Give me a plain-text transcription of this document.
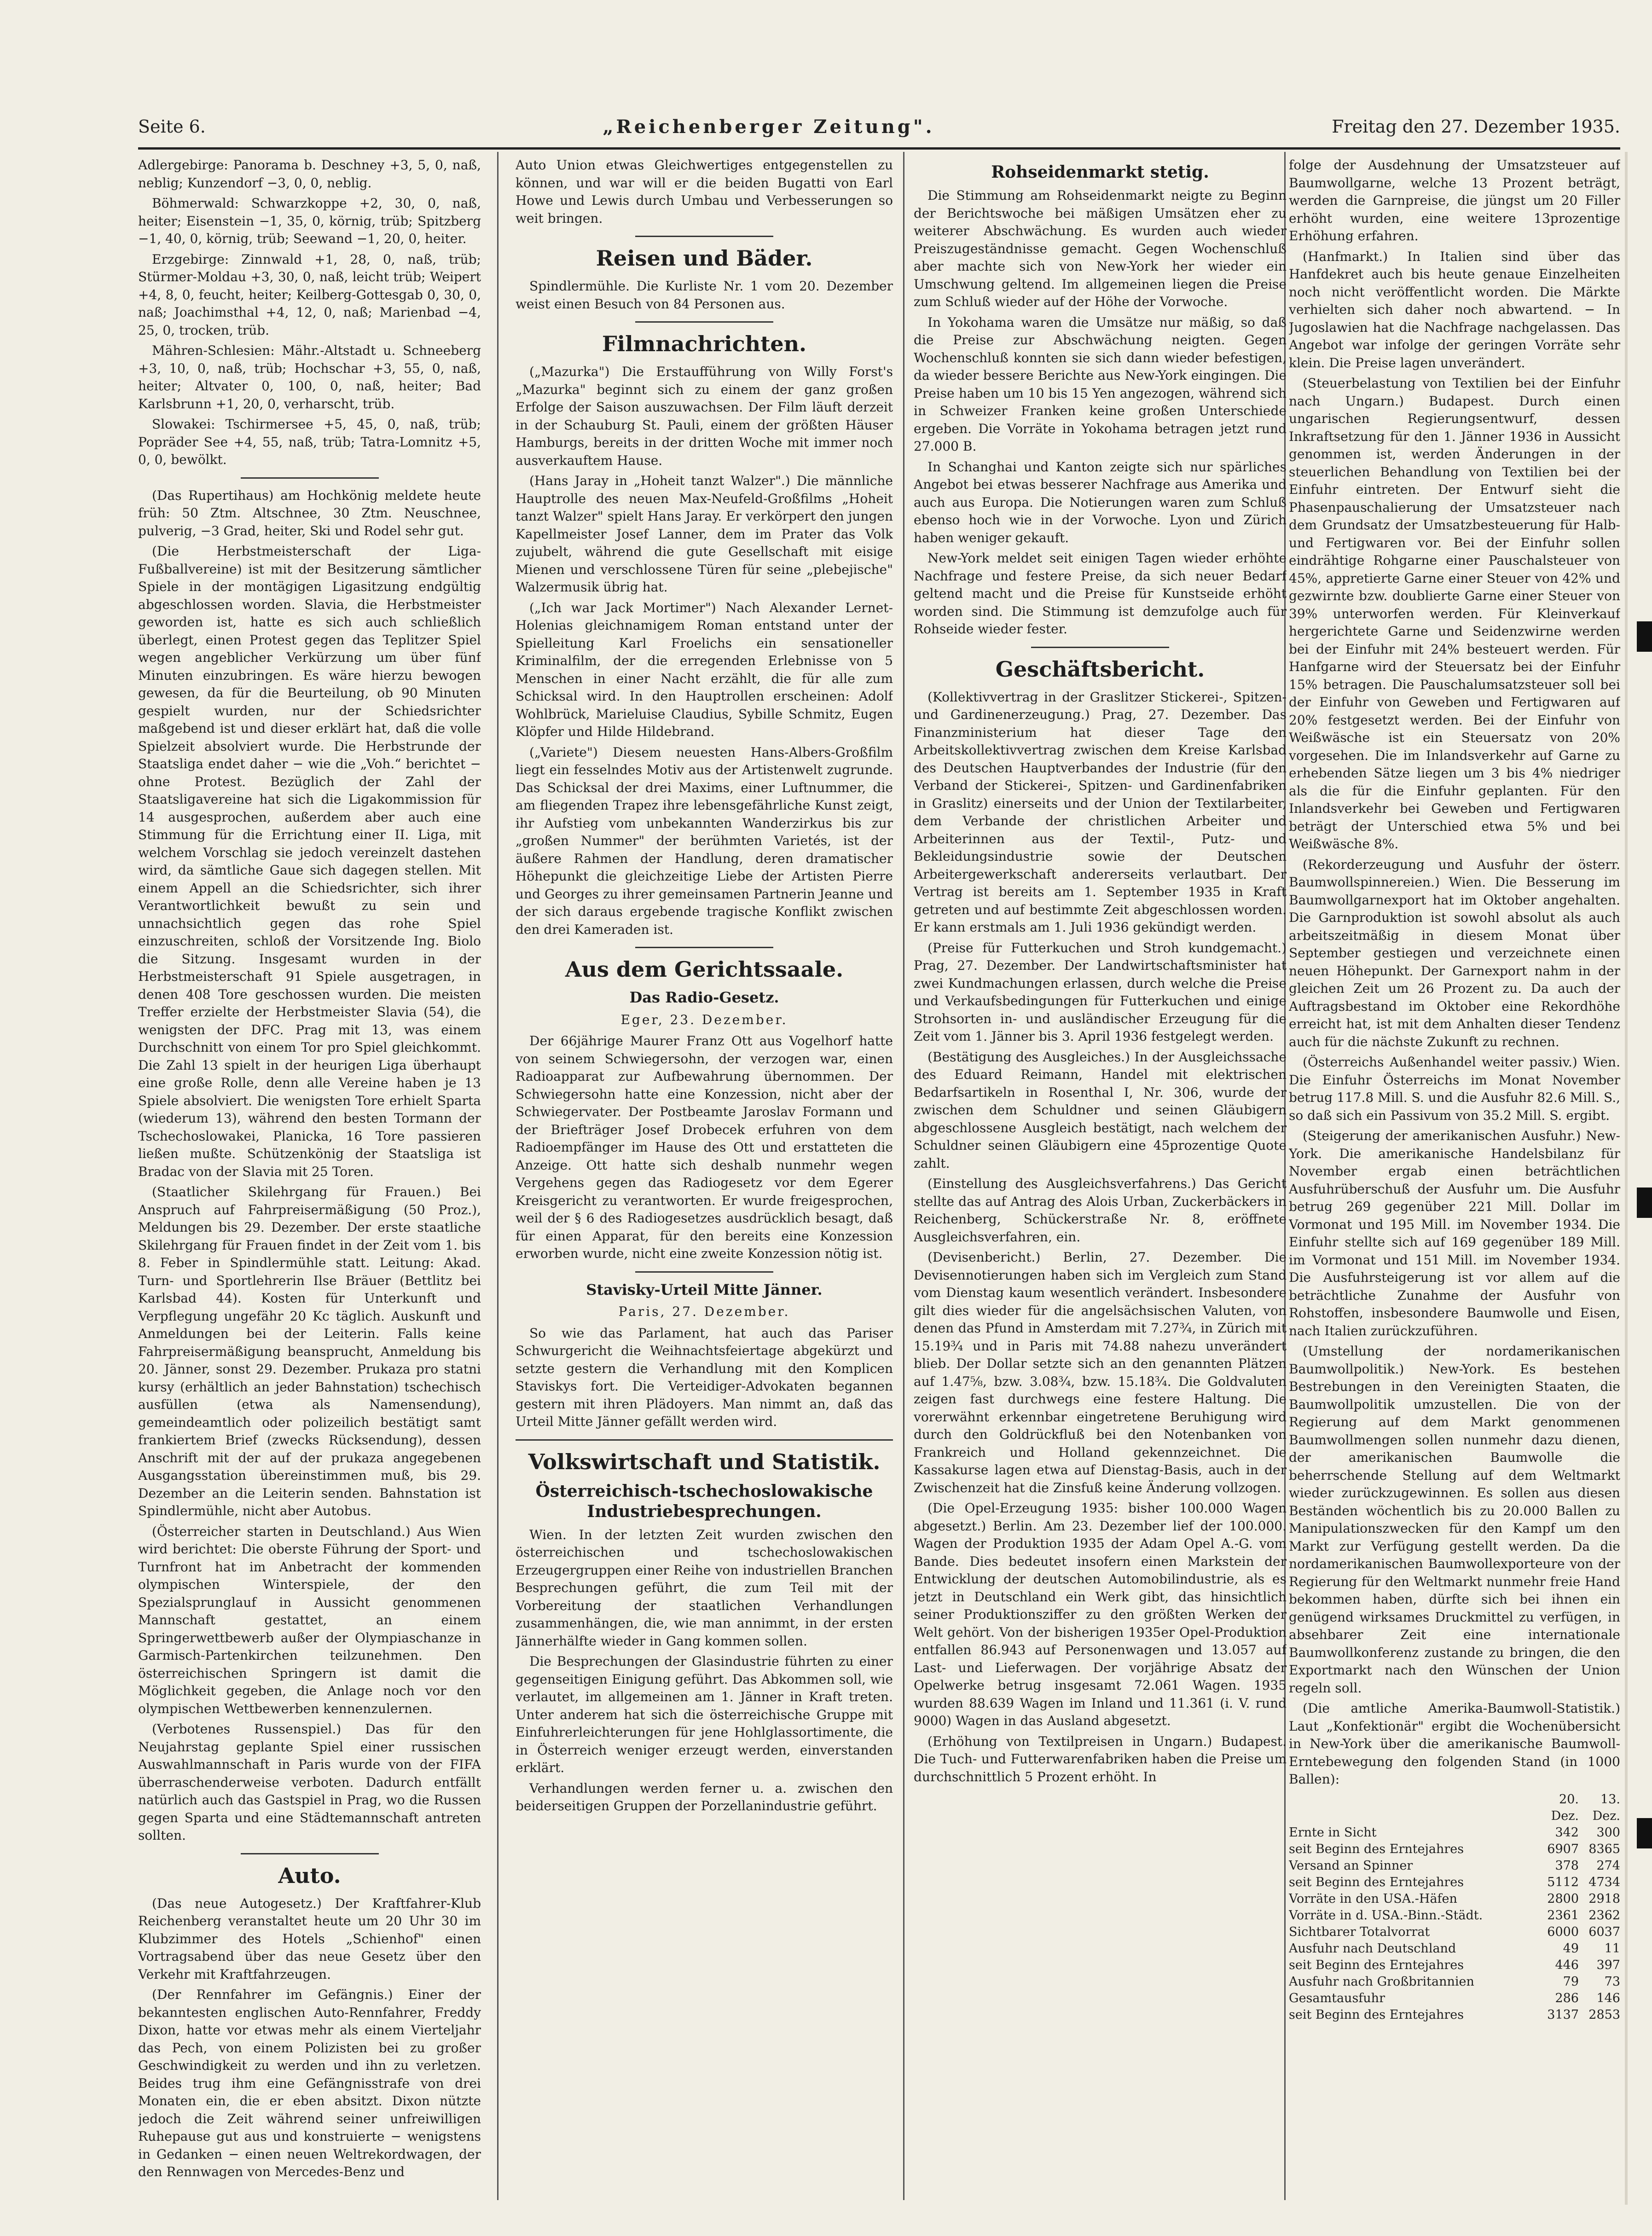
Seite 6.	„Reichenberger Zeitung".	Freitag den 27. Dezember 1935.

Adlergebirge: Panorama b. Deschney +3, 5, 0, naß, neblig; Kunzendorf −3, 0, 0, neblig.

Böhmerwald: Schwarzkoppe +2, 30, 0, naß, heiter; Eisenstein −1, 35, 0, körnig, trüb; Spitzberg −1, 40, 0, körnig, trüb; Seewand −1, 20, 0, heiter.

Erzgebirge: Zinnwald +1, 28, 0, naß, trüb; Stürmer-Moldau +3, 30, 0, naß, leicht trüb; Weipert +4, 8, 0, feucht, heiter; Keilberg-Gottesgab 0, 30, 0, naß; Joachimsthal +4, 12, 0, naß; Marienbad −4, 25, 0, trocken, trüb.

Mähren-Schlesien: Mähr.-Altstadt u. Schneeberg +3, 10, 0, naß, trüb; Hochschar +3, 55, 0, naß, heiter; Altvater 0, 100, 0, naß, heiter; Bad Karlsbrunn +1, 20, 0, verharscht, trüb.

Slowakei: Tschirmersee +5, 45, 0, naß, trüb; Popräder See +4, 55, naß, trüb; Tatra-Lomnitz +5, 0, 0, bewölkt.

(Das Rupertihaus) am Hochkönig meldete heute früh: 50 Ztm. Altschnee, 30 Ztm. Neuschnee, pulverig, −3 Grad, heiter, Ski und Rodel sehr gut.

(Die Herbstmeisterschaft der Liga-Fußballvereine) ist mit der Besitzerung sämtlicher Spiele in der montägigen Ligasitzung endgültig abgeschlossen worden. Slavia, die Herbstmeister geworden ist, hatte es sich auch schließlich überlegt, einen Protest gegen das Teplitzer Spiel wegen angeblicher Verkürzung um über fünf Minuten einzubringen. Es wäre hierzu bewogen gewesen, da für die Beurteilung, ob 90 Minuten gespielt wurden, nur der Schiedsrichter maßgebend ist und dieser erklärt hat, daß die volle Spielzeit absolviert wurde. Die Herbstrunde der Staatsliga endet daher − wie die „Voh.“ berichtet − ohne Protest. Bezüglich der Zahl der Staatsligavereine hat sich die Ligakommission für 14 ausgesprochen, außerdem aber auch eine Stimmung für die Errichtung einer II. Liga, mit welchem Vorschlag sie jedoch vereinzelt dastehen wird, da sämtliche Gaue sich dagegen stellen. Mit einem Appell an die Schiedsrichter, sich ihrer Verantwortlichkeit bewußt zu sein und unnachsichtlich gegen das rohe Spiel einzuschreiten, schloß der Vorsitzende Ing. Biolo die Sitzung. Insgesamt wurden in der Herbstmeisterschaft 91 Spiele ausgetragen, in denen 408 Tore geschossen wurden. Die meisten Treffer erzielte der Herbstmeister Slavia (54), die wenigsten der DFC. Prag mit 13, was einem Durchschnitt von einem Tor pro Spiel gleichkommt. Die Zahl 13 spielt in der heurigen Liga überhaupt eine große Rolle, denn alle Vereine haben je 13 Spiele absolviert. Die wenigsten Tore erhielt Sparta (wiederum 13), während den besten Tormann der Tschechoslowakei, Planicka, 16 Tore passieren ließen mußte. Schützenkönig der Staatsliga ist Bradac von der Slavia mit 25 Toren.

(Staatlicher Skilehrgang für Frauen.) Bei Anspruch auf Fahrpreisermäßigung (50 Proz.), Meldungen bis 29. Dezember. Der erste staatliche Skilehrgang für Frauen findet in der Zeit vom 1. bis 8. Feber in Spindlermühle statt. Leitung: Akad. Turn- und Sportlehrerin Ilse Bräuer (Bettlitz bei Karlsbad 44). Kosten für Unterkunft und Verpflegung ungefähr 20 Kc täglich. Auskunft und Anmeldungen bei der Leiterin. Falls keine Fahrpreisermäßigung beansprucht, Anmeldung bis 20. Jänner, sonst 29. Dezember. Prukaza pro statni kursy (erhältlich an jeder Bahnstation) tschechisch ausfüllen (etwa als Namensendung), gemeindeamtlich oder polizeilich bestätigt samt frankiertem Brief (zwecks Rücksendung), dessen Anschrift mit der auf der prukaza angegebenen Ausgangsstation übereinstimmen muß, bis 29. Dezember an die Leiterin senden. Bahnstation ist Spindlermühle, nicht aber Autobus.

(Österreicher starten in Deutschland.) Aus Wien wird berichtet: Die oberste Führung der Sport- und Turnfront hat im Anbetracht der kommenden olympischen Winterspiele, der den Spezialsprunglauf in Aussicht genommenen Mannschaft gestattet, an einem Springerwettbewerb außer der Olympiaschanze in Garmisch-Partenkirchen teilzunehmen. Den österreichischen Springern ist damit die Möglichkeit gegeben, die Anlage noch vor den olympischen Wettbewerben kennenzulernen.

(Verbotenes Russenspiel.) Das für den Neujahrstag geplante Spiel einer russischen Auswahlmannschaft in Paris wurde von der FIFA überraschenderweise verboten. Dadurch entfällt natürlich auch das Gastspiel in Prag, wo die Russen gegen Sparta und eine Städtemannschaft antreten sollten.

Auto.

(Das neue Autogesetz.) Der Kraftfahrer-Klub Reichenberg veranstaltet heute um 20 Uhr 30 im Klubzimmer des Hotels „Schienhof" einen Vortragsabend über das neue Gesetz über den Verkehr mit Kraftfahrzeugen.

(Der Rennfahrer im Gefängnis.) Einer der bekanntesten englischen Auto-Rennfahrer, Freddy Dixon, hatte vor etwas mehr als einem Vierteljahr das Pech, von einem Polizisten bei zu großer Geschwindigkeit zu werden und ihn zu verletzen. Beides trug ihm eine Gefängnisstrafe von drei Monaten ein, die er eben absitzt. Dixon nützte jedoch die Zeit während seiner unfreiwilligen Ruhepause gut aus und konstruierte − wenigstens in Gedanken − einen neuen Weltrekordwagen, der den Rennwagen von Mercedes-Benz und

Auto Union etwas Gleichwertiges entgegenstellen zu können, und war will er die beiden Bugatti von Earl Howe und Lewis durch Umbau und Verbesserungen so weit bringen.

Reisen und Bäder.

Spindlermühle. Die Kurliste Nr. 1 vom 20. Dezember weist einen Besuch von 84 Personen aus.

Filmnachrichten.

(„Mazurka") Die Erstaufführung von Willy Forst's „Mazurka" beginnt sich zu einem der ganz großen Erfolge der Saison auszuwachsen. Der Film läuft derzeit in der Schauburg St. Pauli, einem der größten Häuser Hamburgs, bereits in der dritten Woche mit immer noch ausverkauftem Hause.

(Hans Jaray in „Hoheit tanzt Walzer".) Die männliche Hauptrolle des neuen Max-Neufeld-Großfilms „Hoheit tanzt Walzer" spielt Hans Jaray. Er verkörpert den jungen Kapellmeister Josef Lanner, dem im Prater das Volk zujubelt, während die gute Gesellschaft mit eisige Mienen und verschlossene Türen für seine „plebejische" Walzermusik übrig hat.

(„Ich war Jack Mortimer") Nach Alexander Lernet-Holenias gleichnamigem Roman entstand unter der Spielleitung Karl Froelichs ein sensationeller Kriminalfilm, der die erregenden Erlebnisse von 5 Menschen in einer Nacht erzählt, die für alle zum Schicksal wird. In den Hauptrollen erscheinen: Adolf Wohlbrück, Marieluise Claudius, Sybille Schmitz, Eugen Klöpfer und Hilde Hildebrand.

(„Variete") Diesem neuesten Hans-Albers-Großfilm liegt ein fesselndes Motiv aus der Artistenwelt zugrunde. Das Schicksal der drei Maxims, einer Luftnummer, die am fliegenden Trapez ihre lebensgefährliche Kunst zeigt, ihr Aufstieg vom unbekannten Wanderzirkus bis zur „großen Nummer" der berühmten Varietés, ist der äußere Rahmen der Handlung, deren dramatischer Höhepunkt die gleichzeitige Liebe der Artisten Pierre und Georges zu ihrer gemeinsamen Partnerin Jeanne und der sich daraus ergebende tragische Konflikt zwischen den drei Kameraden ist.

Aus dem Gerichtssaale.
Das Radio-Gesetz.
Eger, 23. Dezember.

Der 66jährige Maurer Franz Ott aus Vogelhorf hatte von seinem Schwiegersohn, der verzogen war, einen Radioapparat zur Aufbewahrung übernommen. Der Schwiegersohn hatte eine Konzession, nicht aber der Schwiegervater. Der Postbeamte Jaroslav Formann und der Briefträger Josef Drobecek erfuhren von dem Radioempfänger im Hause des Ott und erstatteten die Anzeige. Ott hatte sich deshalb nunmehr wegen Vergehens gegen das Radiogesetz vor dem Egerer Kreisgericht zu verantworten. Er wurde freigesprochen, weil der § 6 des Radiogesetzes ausdrücklich besagt, daß für einen Apparat, für den bereits eine Konzession erworben wurde, nicht eine zweite Konzession nötig ist.

Stavisky-Urteil Mitte Jänner.
Paris, 27. Dezember.

So wie das Parlament, hat auch das Pariser Schwurgericht die Weihnachtsfeiertage abgekürzt und setzte gestern die Verhandlung mit den Komplicen Staviskys fort. Die Verteidiger-Advokaten begannen gestern mit ihren Plädoyers. Man nimmt an, daß das Urteil Mitte Jänner gefällt werden wird.

Volkswirtschaft und Statistik.
Österreichisch-tschechoslowakische Industriebesprechungen.

Wien. In der letzten Zeit wurden zwischen den österreichischen und tschechoslowakischen Erzeugergruppen einer Reihe von industriellen Branchen Besprechungen geführt, die zum Teil mit der Vorbereitung der staatlichen Verhandlungen zusammenhängen, die, wie man annimmt, in der ersten Jännerhälfte wieder in Gang kommen sollen.

Die Besprechungen der Glasindustrie führten zu einer gegenseitigen Einigung geführt. Das Abkommen soll, wie verlautet, im allgemeinen am 1. Jänner in Kraft treten. Unter anderem hat sich die österreichische Gruppe mit Einfuhrerleichterungen für jene Hohlglassortimente, die in Österreich weniger erzeugt werden, einverstanden erklärt.

Verhandlungen werden ferner u. a. zwischen den beiderseitigen Gruppen der Porzellanindustrie geführt.

Rohseidenmarkt stetig.

Die Stimmung am Rohseidenmarkt neigte zu Beginn der Berichtswoche bei mäßigen Umsätzen eher zu weiterer Abschwächung. Es wurden auch wieder Preiszugeständnisse gemacht. Gegen Wochenschluß aber machte sich von New-York her wieder ein Umschwung geltend. Im allgemeinen liegen die Preise zum Schluß wieder auf der Höhe der Vorwoche.

In Yokohama waren die Umsätze nur mäßig, so daß die Preise zur Abschwächung neigten. Gegen Wochenschluß konnten sie sich dann wieder befestigen, da wieder bessere Berichte aus New-York eingingen. Die Preise haben um 10 bis 15 Yen angezogen, während sich in Schweizer Franken keine großen Unterschiede ergeben. Die Vorräte in Yokohama betragen jetzt rund 27.000 B.

In Schanghai und Kanton zeigte sich nur spärliches Angebot bei etwas besserer Nachfrage aus Amerika und auch aus Europa. Die Notierungen waren zum Schluß ebenso hoch wie in der Vorwoche. Lyon und Zürich haben weniger gekauft.

New-York meldet seit einigen Tagen wieder erhöhte Nachfrage und festere Preise, da sich neuer Bedarf geltend macht und die Preise für Kunstseide erhöht worden sind. Die Stimmung ist demzufolge auch für Rohseide wieder fester.

Geschäftsbericht.

(Kollektivvertrag in der Graslitzer Stickerei-, Spitzen- und Gardinenerzeugung.) Prag, 27. Dezember. Das Finanzministerium hat dieser Tage den Arbeitskollektivvertrag zwischen dem Kreise Karlsbad des Deutschen Hauptverbandes der Industrie (für den Verband der Stickerei-, Spitzen- und Gardinenfabriken in Graslitz) einerseits und der Union der Textilarbeiter, dem Verbande der christlichen Arbeiter und Arbeiterinnen aus der Textil-, Putz- und Bekleidungsindustrie sowie der Deutschen Arbeitergewerkschaft andererseits verlautbart. Der Vertrag ist bereits am 1. September 1935 in Kraft getreten und auf bestimmte Zeit abgeschlossen worden. Er kann erstmals am 1. Juli 1936 gekündigt werden.

(Preise für Futterkuchen und Stroh kundgemacht.) Prag, 27. Dezember. Der Landwirtschaftsminister hat zwei Kundmachungen erlassen, durch welche die Preise und Verkaufsbedingungen für Futterkuchen und einige Strohsorten in- und ausländischer Erzeugung für die Zeit vom 1. Jänner bis 3. April 1936 festgelegt werden.

(Bestätigung des Ausgleiches.) In der Ausgleichssache des Eduard Reimann, Handel mit elektrischen Bedarfsartikeln in Rosenthal I, Nr. 306, wurde der zwischen dem Schuldner und seinen Gläubigern abgeschlossene Ausgleich bestätigt, nach welchem der Schuldner seinen Gläubigern eine 45prozentige Quote zahlt.

(Einstellung des Ausgleichsverfahrens.) Das Gericht stellte das auf Antrag des Alois Urban, Zuckerbäckers in Reichenberg, Schückerstraße Nr. 8, eröffnete Ausgleichsverfahren, ein.

(Devisenbericht.) Berlin, 27. Dezember. Die Devisennotierungen haben sich im Vergleich zum Stand vom Dienstag kaum wesentlich verändert. Insbesondere gilt dies wieder für die angelsächsischen Valuten, von denen das Pfund in Amsterdam mit 7.27¾, in Zürich mit 15.19¾ und in Paris mit 74.88 nahezu unverändert blieb. Der Dollar setzte sich an den genannten Plätzen auf 1.47⅝, bzw. 3.08¾, bzw. 15.18¾. Die Goldvaluten zeigen fast durchwegs eine festere Haltung. Die vorerwähnt erkennbar eingetretene Beruhigung wird durch den Goldrückfluß bei den Notenbanken von Frankreich und Holland gekennzeichnet. Die Kassakurse lagen etwa auf Dienstag-Basis, auch in der Zwischenzeit hat die Zinsfuß keine Änderung vollzogen.

(Die Opel-Erzeugung 1935: bisher 100.000 Wagen abgesetzt.) Berlin. Am 23. Dezember lief der 100.000. Wagen der Produktion 1935 der Adam Opel A.-G. vom Bande. Dies bedeutet insofern einen Markstein der Entwicklung der deutschen Automobilindustrie, als es jetzt in Deutschland ein Werk gibt, das hinsichtlich seiner Produktionsziffer zu den größten Werken der Welt gehört. Von der bisherigen 1935er Opel-Produktion entfallen 86.943 auf Personenwagen und 13.057 auf Last- und Lieferwagen. Der vorjährige Absatz der Opelwerke betrug insgesamt 72.061 Wagen. 1935 wurden 88.639 Wagen im Inland und 11.361 (i. V. rund 9000) Wagen in das Ausland abgesetzt.

(Erhöhung von Textilpreisen in Ungarn.) Budapest. Die Tuch- und Futterwarenfabriken haben die Preise um durchschnittlich 5 Prozent erhöht. In

folge der Ausdehnung der Umsatzsteuer auf Baumwollgarne, welche 13 Prozent beträgt, werden die Garnpreise, die jüngst um 20 Filler erhöht wurden, eine weitere 13prozentige Erhöhung erfahren.

(Hanfmarkt.) In Italien sind über das Hanfdekret auch bis heute genaue Einzelheiten noch nicht veröffentlicht worden. Die Märkte verhielten sich daher noch abwartend. − In Jugoslawien hat die Nachfrage nachgelassen. Das Angebot war infolge der geringen Vorräte sehr klein. Die Preise lagen unverändert.

(Steuerbelastung von Textilien bei der Einfuhr nach Ungarn.) Budapest. Durch einen ungarischen Regierungsentwurf, dessen Inkraftsetzung für den 1. Jänner 1936 in Aussicht genommen ist, werden Änderungen in der steuerlichen Behandlung von Textilien bei der Einfuhr eintreten. Der Entwurf sieht die Phasenpauschalierung der Umsatzsteuer nach dem Grundsatz der Umsatzbesteuerung für Halb- und Fertigwaren vor. Bei der Einfuhr sollen eindrähtige Rohgarne einer Pauschalsteuer von 45%, appretierte Garne einer Steuer von 42% und gezwirnte bzw. doublierte Garne einer Steuer von 39% unterworfen werden. Für Kleinverkauf hergerichtete Garne und Seidenzwirne werden bei der Einfuhr mit 24% besteuert werden. Für Hanfgarne wird der Steuersatz bei der Einfuhr 15% betragen. Die Pauschalumsatzsteuer soll bei der Einfuhr von Geweben und Fertigwaren auf 20% festgesetzt werden. Bei der Einfuhr von Weißwäsche ist ein Steuersatz von 20% vorgesehen. Die im Inlandsverkehr auf Garne zu erhebenden Sätze liegen um 3 bis 4% niedriger als die für die Einfuhr geplanten. Für den Inlandsverkehr bei Geweben und Fertigwaren beträgt der Unterschied etwa 5% und bei Weißwäsche 8%.

(Rekorderzeugung und Ausfuhr der österr. Baumwollspinnereien.) Wien. Die Besserung im Baumwollgarnexport hat im Oktober angehalten. Die Garnproduktion ist sowohl absolut als auch arbeitszeitmäßig in diesem Monat über September gestiegen und verzeichnete einen neuen Höhepunkt. Der Garnexport nahm in der gleichen Zeit um 26 Prozent zu. Da auch der Auftragsbestand im Oktober eine Rekordhöhe erreicht hat, ist mit dem Anhalten dieser Tendenz auch für die nächste Zukunft zu rechnen.

(Österreichs Außenhandel weiter passiv.) Wien. Die Einfuhr Österreichs im Monat November betrug 117.8 Mill. S. und die Ausfuhr 82.6 Mill. S., so daß sich ein Passivum von 35.2 Mill. S. ergibt.

(Steigerung der amerikanischen Ausfuhr.) New-York. Die amerikanische Handelsbilanz für November ergab einen beträchtlichen Ausfuhrüberschuß der Ausfuhr um. Die Ausfuhr betrug 269 gegenüber 221 Mill. Dollar im Vormonat und 195 Mill. im November 1934. Die Einfuhr stellte sich auf 169 gegenüber 189 Mill. im Vormonat und 151 Mill. im November 1934. Die Ausfuhrsteigerung ist vor allem auf die beträchtliche Zunahme der Ausfuhr von Rohstoffen, insbesondere Baumwolle und Eisen, nach Italien zurückzuführen.

(Umstellung der nordamerikanischen Baumwollpolitik.) New-York. Es bestehen Bestrebungen in den Vereinigten Staaten, die Baumwollpolitik umzustellen. Die von der Regierung auf dem Markt genommenen Baumwollmengen sollen nunmehr dazu dienen, der amerikanischen Baumwolle die beherrschende Stellung auf dem Weltmarkt wieder zurückzugewinnen. Es sollen aus diesen Beständen wöchentlich bis zu 20.000 Ballen zu Manipulationszwecken für den Kampf um den Markt zur Verfügung gestellt werden. Da die nordamerikanischen Baumwollexporteure von der Regierung für den Weltmarkt nunmehr freie Hand bekommen haben, dürfte sich bei ihnen ein genügend wirksames Druckmittel zu verfügen, in absehbarer Zeit eine internationale Baumwollkonferenz zustande zu bringen, die den Exportmarkt nach den Wünschen der Union regeln soll.

(Die amtliche Amerika-Baumwoll-Statistik.) Laut „Konfektionär" ergibt die Wochenübersicht in New-York über die amerikanische Baumwoll-Erntebewegung den folgenden Stand (in 1000 Ballen):

	20. Dez.	13. Dez.
Ernte in Sicht	342	300
seit Beginn des Erntejahres	6907	8365
Versand an Spinner	378	274
seit Beginn des Erntejahres	5112	4734
Vorräte in den USA.-Häfen	2800	2918
Vorräte in d. USA.-Binn.-Städt.	2361	2362
Sichtbarer Totalvorrat	6000	6037
Ausfuhr nach Deutschland	49	11
seit Beginn des Erntejahres	446	397
Ausfuhr nach Großbritannien	79	73
Gesamtausfuhr	286	146
seit Beginn des Erntejahres	3137	2853
